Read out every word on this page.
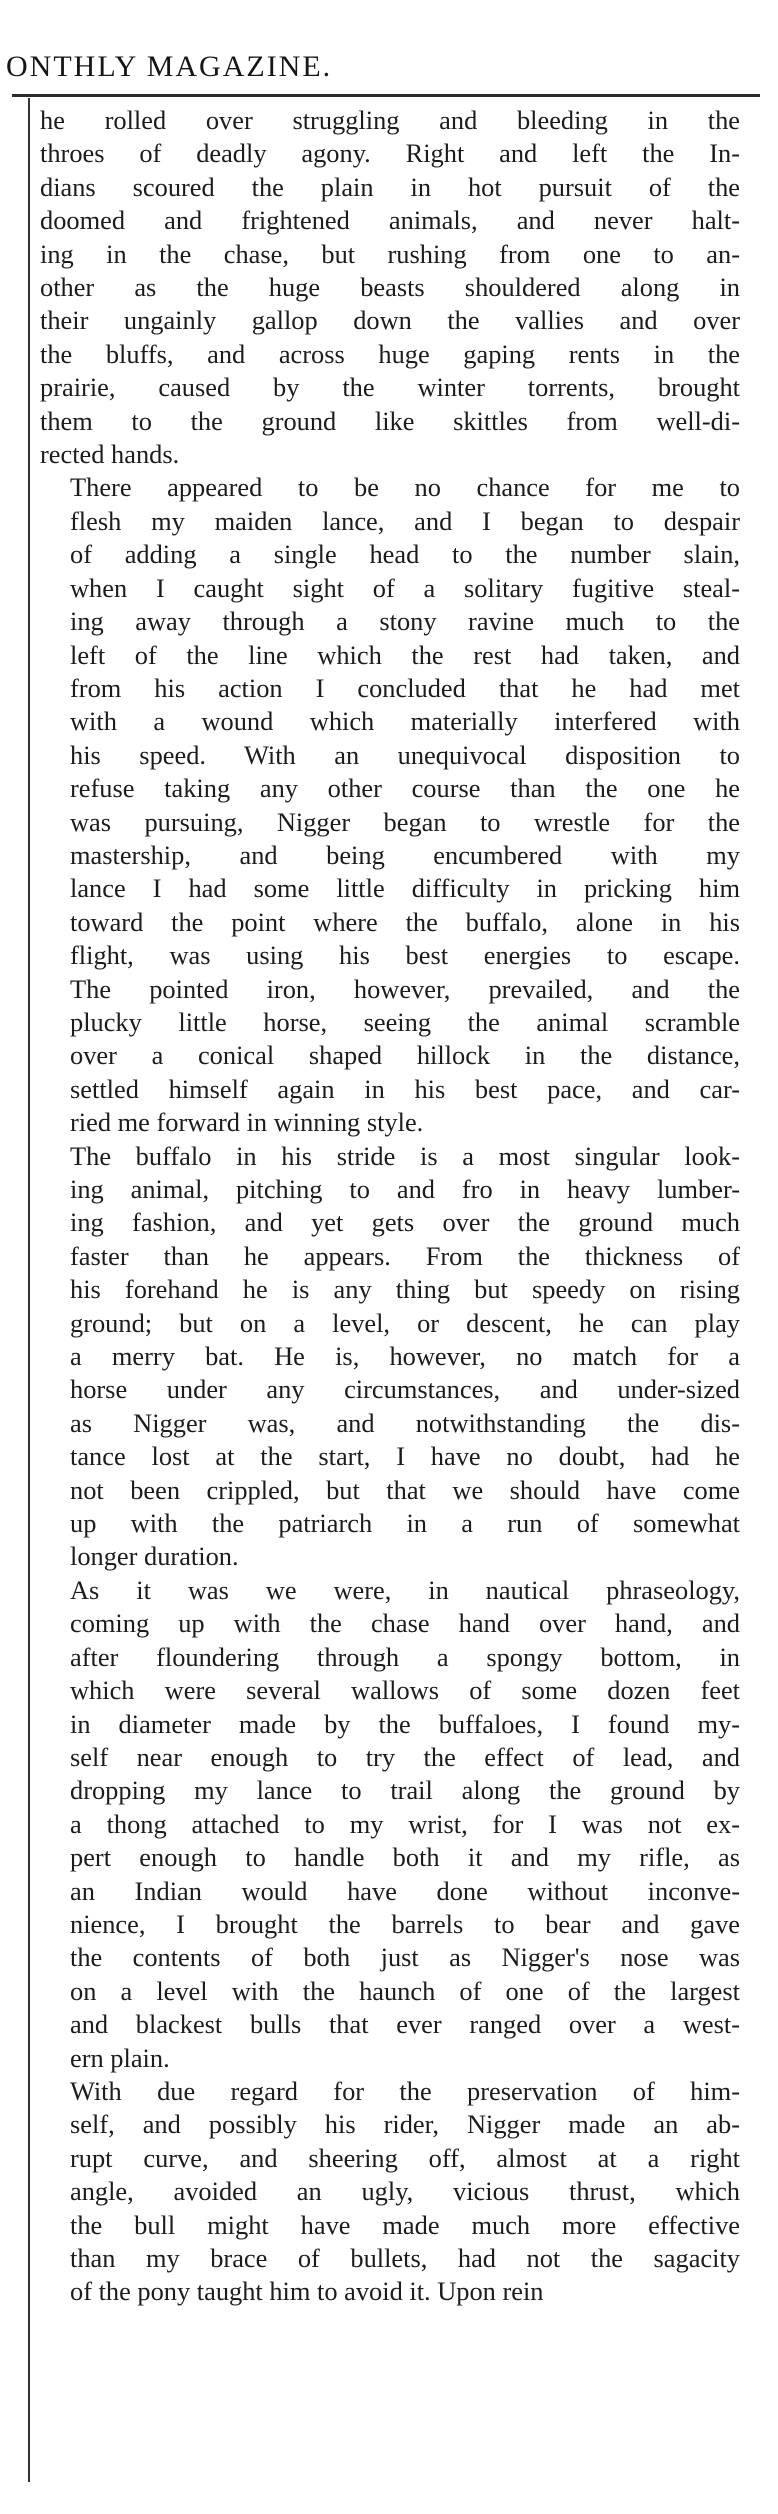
ONTHLY MAGAZINE.

he rolled over struggling and bleeding in the
throes of deadly agony. Right and left the In-
dians scoured the plain in hot pursuit of the
doomed and frightened animals, and never halt-
ing in the chase, but rushing from one to an-
other as the huge beasts shouldered along in
their ungainly gallop down the vallies and over
the bluffs, and across huge gaping rents in the
prairie, caused by the winter torrents, brought
them to the ground like skittles from well-di-
rected hands.

There appeared to be no chance for me to
flesh my maiden lance, and I began to despair
of adding a single head to the number slain,
when I caught sight of a solitary fugitive steal-
ing away through a stony ravine much to the
left of the line which the rest had taken, and
from his action I concluded that he had met
with a wound which materially interfered with
his speed. With an unequivocal disposition to
refuse taking any other course than the one he
was pursuing, Nigger began to wrestle for the
mastership, and being encumbered with my
lance I had some little difficulty in pricking him
toward the point where the buffalo, alone in his
flight, was using his best energies to escape.
The pointed iron, however, prevailed, and the
plucky little horse, seeing the animal scramble
over a conical shaped hillock in the distance,
settled himself again in his best pace, and car-
ried me forward in winning style.

The buffalo in his stride is a most singular look-
ing animal, pitching to and fro in heavy lumber-
ing fashion, and yet gets over the ground much
faster than he appears. From the thickness of
his forehand he is any thing but speedy on rising
ground; but on a level, or descent, he can play
a merry bat. He is, however, no match for a
horse under any circumstances, and under-sized
as Nigger was, and notwithstanding the dis-
tance lost at the start, I have no doubt, had he
not been crippled, but that we should have come
up with the patriarch in a run of somewhat
longer duration.

As it was we were, in nautical phraseology,
coming up with the chase hand over hand, and
after floundering through a spongy bottom, in
which were several wallows of some dozen feet
in diameter made by the buffaloes, I found my-
self near enough to try the effect of lead, and
dropping my lance to trail along the ground by
a thong attached to my wrist, for I was not ex-
pert enough to handle both it and my rifle, as
an Indian would have done without inconve-
nience, I brought the barrels to bear and gave
the contents of both just as Nigger's nose was
on a level with the haunch of one of the largest
and blackest bulls that ever ranged over a west-
ern plain.

With due regard for the preservation of him-
self, and possibly his rider, Nigger made an ab-
rupt curve, and sheering off, almost at a right
angle, avoided an ugly, vicious thrust, which
the bull might have made much more effective
than my brace of bullets, had not the sagacity
of the pony taught him to avoid it. Upon rein
